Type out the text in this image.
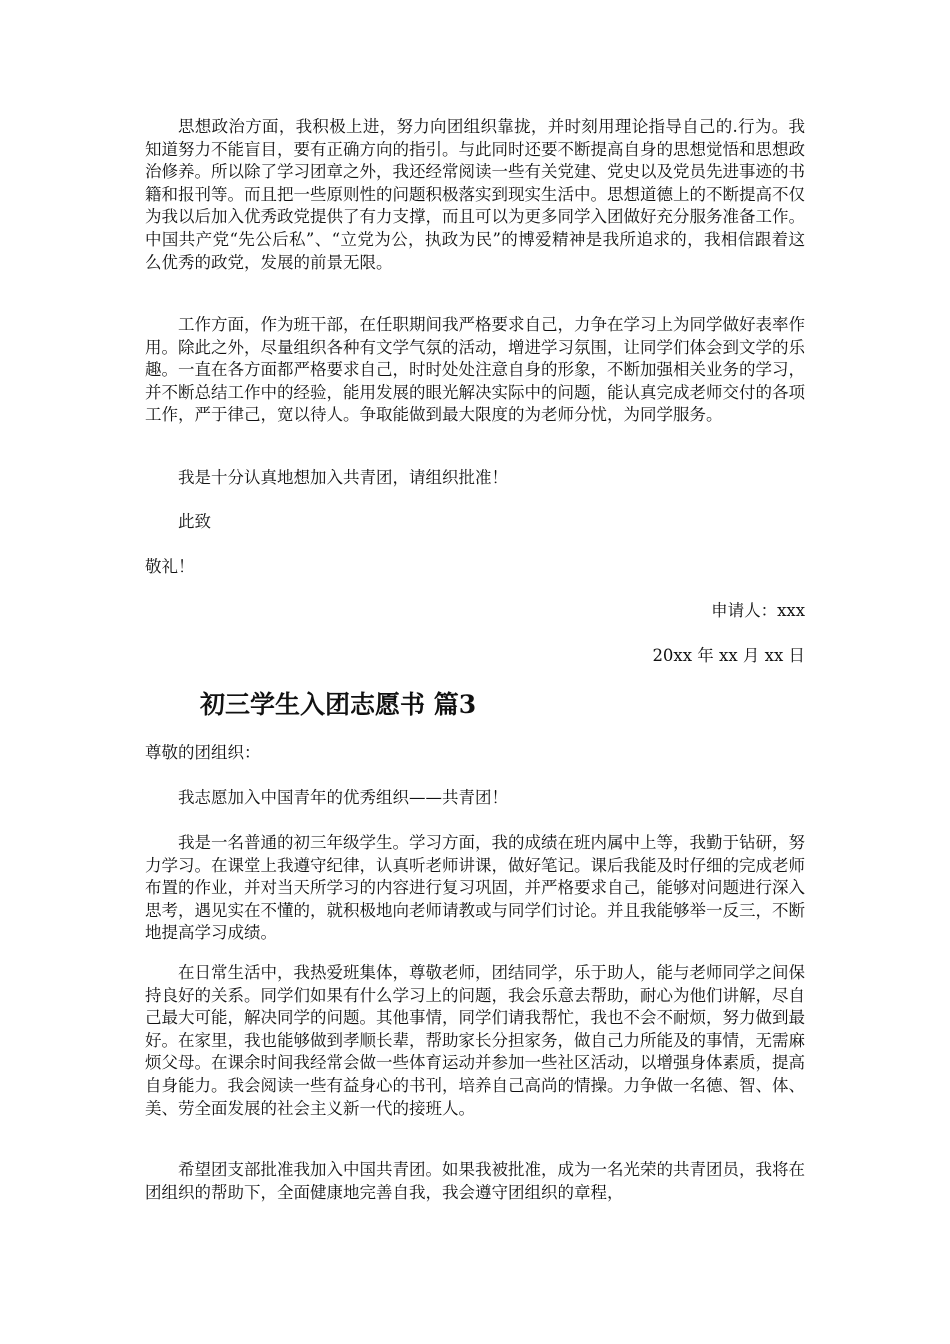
思想政治方面，我积极上进，努力向团组织靠拢，并时刻用理论指导自己的.行为。我知道努力不能盲目，要有正确方向的指引。与此同时还要不断提高自身的思想觉悟和思想政治修养。所以除了学习团章之外，我还经常阅读一些有关党建、党史以及党员先进事迹的书籍和报刊等。而且把一些原则性的问题积极落实到现实生活中。思想道德上的不断提高不仅为我以后加入优秀政党提供了有力支撑，而且可以为更多同学入团做好充分服务准备工作。中国共产党“先公后私”、“立党为公，执政为民”的博爱精神是我所追求的，我相信跟着这么优秀的政党，发展的前景无限。

工作方面，作为班干部，在任职期间我严格要求自己，力争在学习上为同学做好表率作用。除此之外，尽量组织各种有文学气氛的活动，增进学习氛围，让同学们体会到文学的乐趣。一直在各方面都严格要求自己，时时处处注意自身的形象，不断加强相关业务的学习，并不断总结工作中的经验，能用发展的眼光解决实际中的问题，能认真完成老师交付的各项工作，严于律己，宽以待人。争取能做到最大限度的为老师分忧，为同学服务。

我是十分认真地想加入共青团，请组织批准！

此致

敬礼！

申请人：xxx

20xx 年 xx 月 xx 日

初三学生入团志愿书 篇3

尊敬的团组织：

我志愿加入中国青年的优秀组织——共青团！

我是一名普通的初三年级学生。学习方面，我的成绩在班内属中上等，我勤于钻研，努力学习。在课堂上我遵守纪律，认真听老师讲课，做好笔记。课后我能及时仔细的完成老师布置的作业，并对当天所学习的内容进行复习巩固，并严格要求自己，能够对问题进行深入思考，遇见实在不懂的，就积极地向老师请教或与同学们讨论。并且我能够举一反三，不断地提高学习成绩。

在日常生活中，我热爱班集体，尊敬老师，团结同学，乐于助人，能与老师同学之间保持良好的关系。同学们如果有什么学习上的问题，我会乐意去帮助，耐心为他们讲解，尽自己最大可能，解决同学的问题。其他事情，同学们请我帮忙，我也不会不耐烦，努力做到最好。在家里，我也能够做到孝顺长辈，帮助家长分担家务，做自己力所能及的事情，无需麻烦父母。在课余时间我经常会做一些体育运动并参加一些社区活动，以增强身体素质，提高自身能力。我会阅读一些有益身心的书刊，培养自己高尚的情操。力争做一名德、智、体、美、劳全面发展的社会主义新一代的接班人。

希望团支部批准我加入中国共青团。如果我被批准，成为一名光荣的共青团员，我将在团组织的帮助下，全面健康地完善自我，我会遵守团组织的章程，
